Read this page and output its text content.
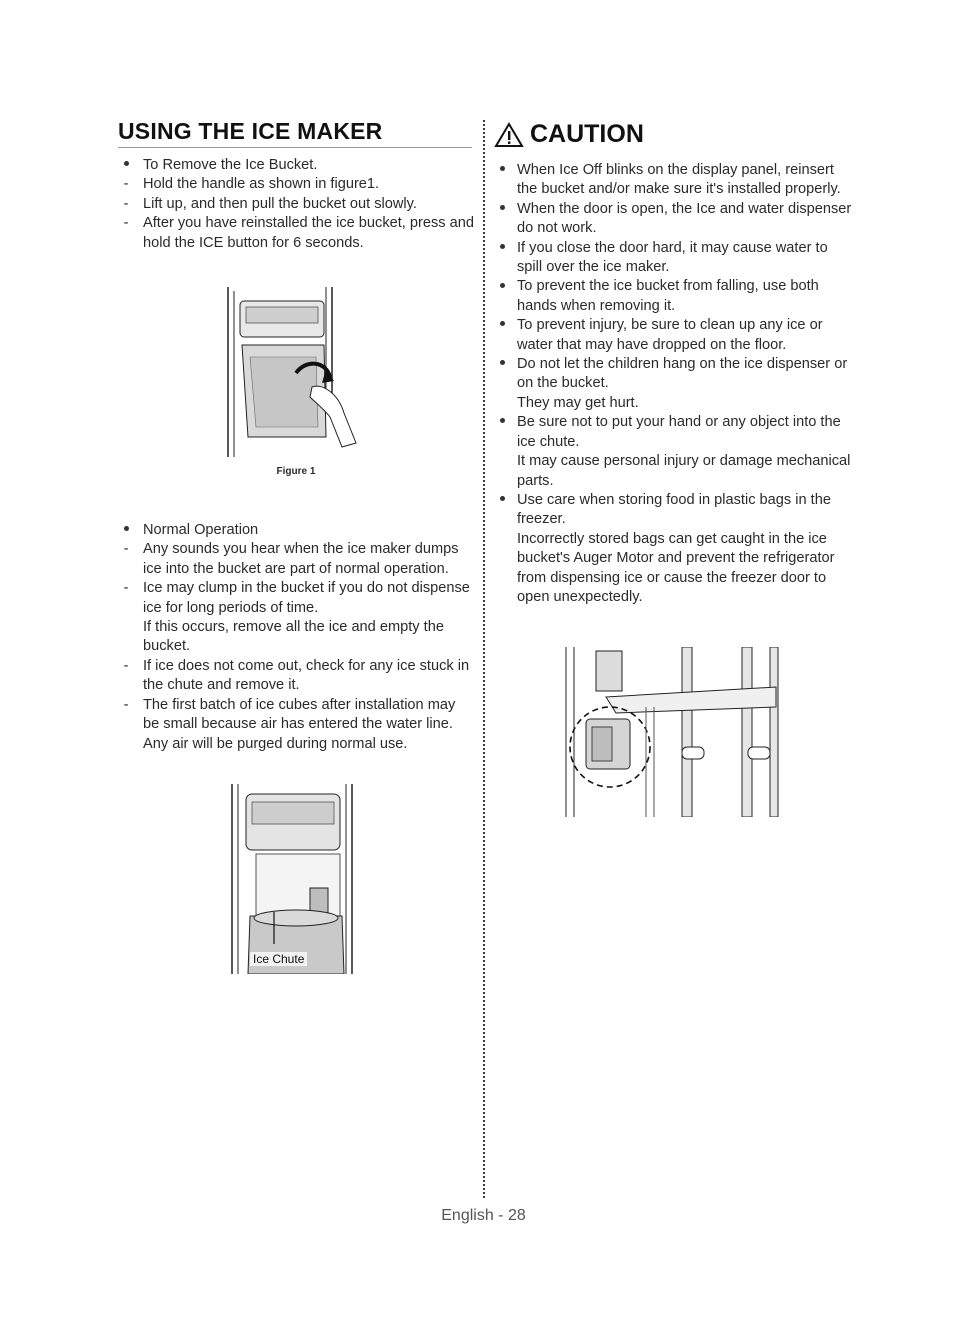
USING THE ICE MAKER
To Remove the Ice Bucket.
- Hold the handle as shown in figure1.
- Lift up, and then pull the bucket out slowly.
- After you have reinstalled the ice bucket, press and hold the ICE button for 6 seconds.
Figure 1
Normal Operation
- Any sounds you hear when the ice maker dumps ice into the bucket are part of normal operation.
- Ice may clump in the bucket if you do not dispense ice for long periods of time.
If this occurs, remove all the ice and empty the bucket.
- If ice does not come out, check for any ice stuck in the chute and remove it.
- The first batch of ice cubes after installation may be small because air has entered the water line. Any air will be purged during normal use.
Ice Chute
CAUTION
When Ice Off blinks on the display panel, reinsert the bucket and/or make sure it's installed properly.
When the door is open, the Ice and water dispenser do not work.
If you close the door hard, it may cause water to spill over the ice maker.
To prevent the ice bucket from falling, use both hands when removing it.
To prevent injury, be sure to clean up any ice or water that may have dropped on the floor.
Do not let the children hang on the ice dispenser or on the bucket.
They may get hurt.
Be sure not to put your hand or any object into the ice chute.
It may cause personal injury or damage mechanical parts.
Use care when storing food in plastic bags in the freezer.
Incorrectly stored bags can get caught in the ice bucket's Auger Motor and prevent the refrigerator from dispensing ice or cause the freezer door to open unexpectedly.
English - 28
